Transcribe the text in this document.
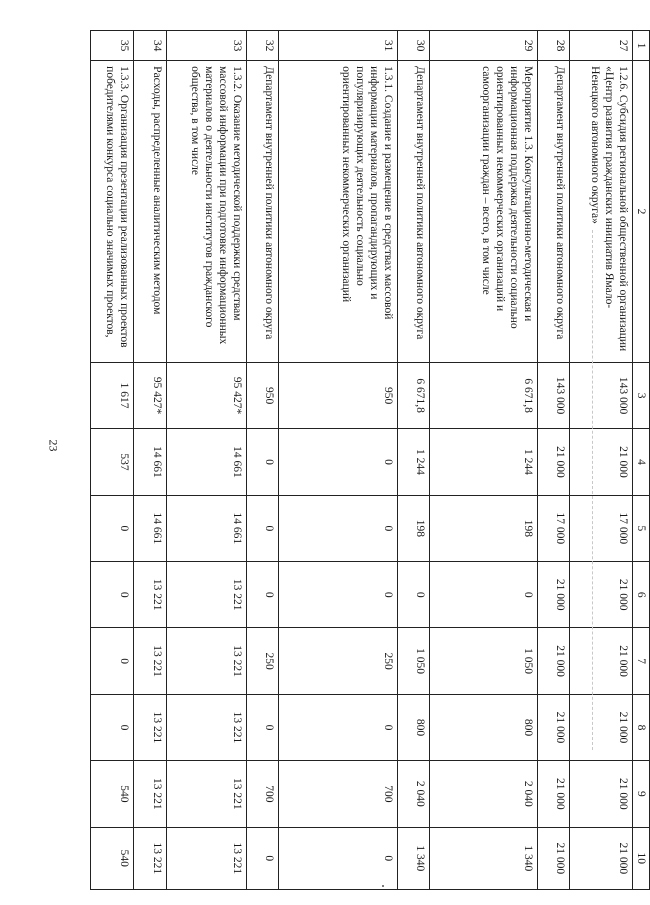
23
1	2	3	4	5	6	7	8	9	10
27	1.2.6. Субсидия региональной общественной организации «Центр развития гражданских инициатив Ямало-Ненецкого автономного округа»	143 000	21 000	17 000	21 000	21 000	21 000	21 000	21 000
28	Департамент внутренней политики автономного округа	143 000	21 000	17 000	21 000	21 000	21 000	21 000	21 000
29	Мероприятие 1.3. Консультационно-методическая и информационная поддержка деятельности социально ориентированных некоммерческих организаций и самоорганизации граждан – всего, в том числе	6 671,8	1 244	198	0	1 050	800	2 040	1 340
30	Департамент внутренней политики автономного округа	6 671,8	1 244	198	0	1 050	800	2 040	1 340
31	1.3.1. Создание и размещение в средствах массовой информации материалов, пропагандирующих и популяризирующих деятельность социально ориентированных некоммерческих организаций	950	0	0	0	250	0	700	0
32	Департамент внутренней политики автономного округа	950	0	0	0	250	0	700	0
33	1.3.2. Оказание методической поддержки средствам массовой информации при подготовке информационных материалов о деятельности институтов гражданского общества, в том числе	95 427*	14 661	14 661	13 221	13 221	13 221	13 221	13 221
34	Расходы, распределенные аналитическим методом	95 427*	14 661	14 661	13 221	13 221	13 221	13 221	13 221
35	1.3.3. Организация презентации реализованных проектов победителями конкурса социально значимых проектов,	1 617	537	0	0	0	0	540	540
